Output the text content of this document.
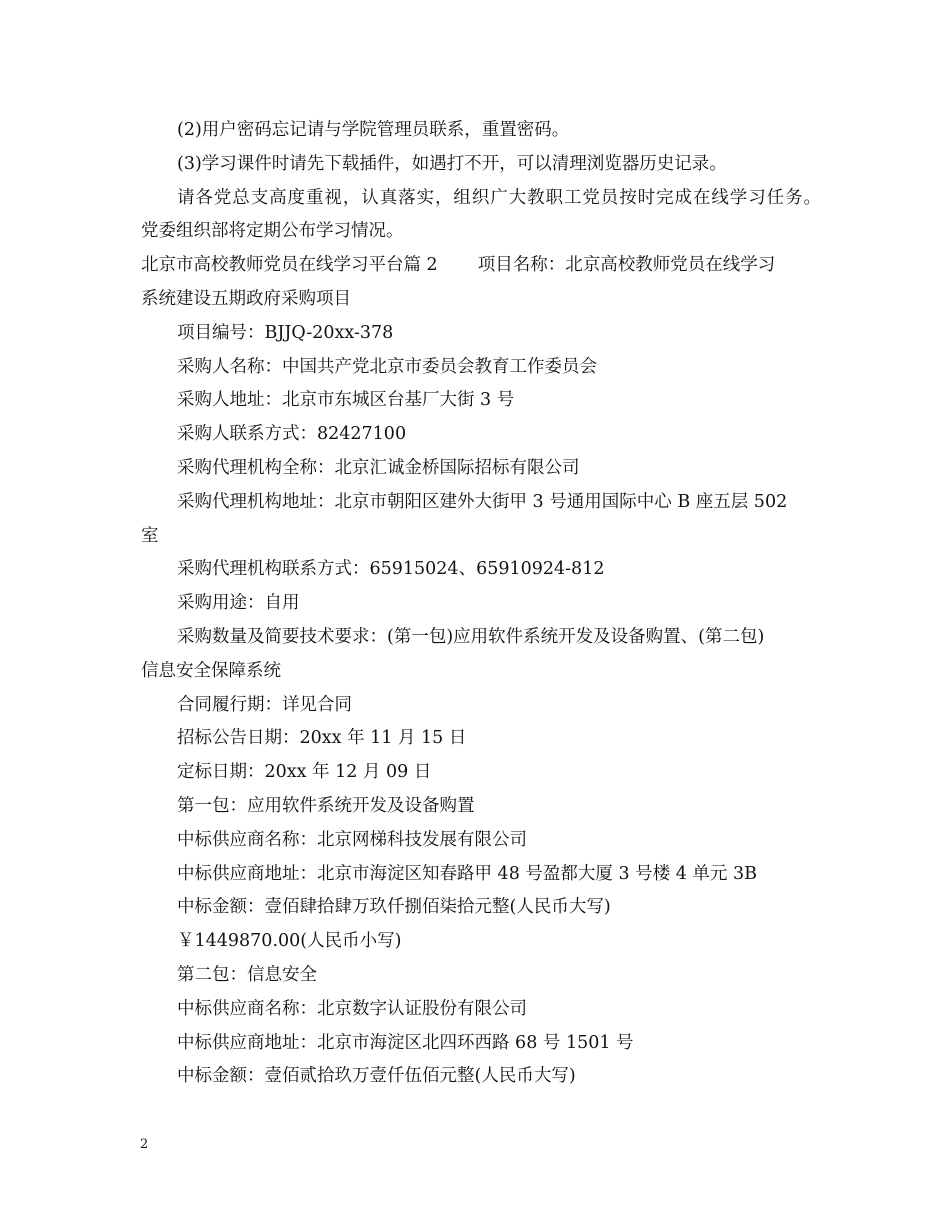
(2)用户密码忘记请与学院管理员联系，重置密码。
(3)学习课件时请先下载插件，如遇打不开，可以清理浏览器历史记录。
请各党总支高度重视，认真落实，组织广大教职工党员按时完成在线学习任务。
党委组织部将定期公布学习情况。
北京市高校教师党员在线学习平台篇 2 项目名称：北京高校教师党员在线学习
系统建设五期政府采购项目
项目编号：BJJQ-20xx-378
采购人名称：中国共产党北京市委员会教育工作委员会
采购人地址：北京市东城区台基厂大街 3 号
采购人联系方式：82427100
采购代理机构全称：北京汇诚金桥国际招标有限公司
采购代理机构地址：北京市朝阳区建外大街甲 3 号通用国际中心 B 座五层 502
室
采购代理机构联系方式：65915024、65910924-812
采购用途：自用
采购数量及简要技术要求：(第一包)应用软件系统开发及设备购置、(第二包)
信息安全保障系统
合同履行期：详见合同
招标公告日期：20xx 年 11 月 15 日
定标日期：20xx 年 12 月 09 日
第一包：应用软件系统开发及设备购置
中标供应商名称：北京网梯科技发展有限公司
中标供应商地址：北京市海淀区知春路甲 48 号盈都大厦 3 号楼 4 单元 3B
中标金额：壹佰肆拾肆万玖仟捌佰柒拾元整(人民币大写)
￥1449870.00(人民币小写)
第二包：信息安全
中标供应商名称：北京数字认证股份有限公司
中标供应商地址：北京市海淀区北四环西路 68 号 1501 号
中标金额：壹佰贰拾玖万壹仟伍佰元整(人民币大写)
2
